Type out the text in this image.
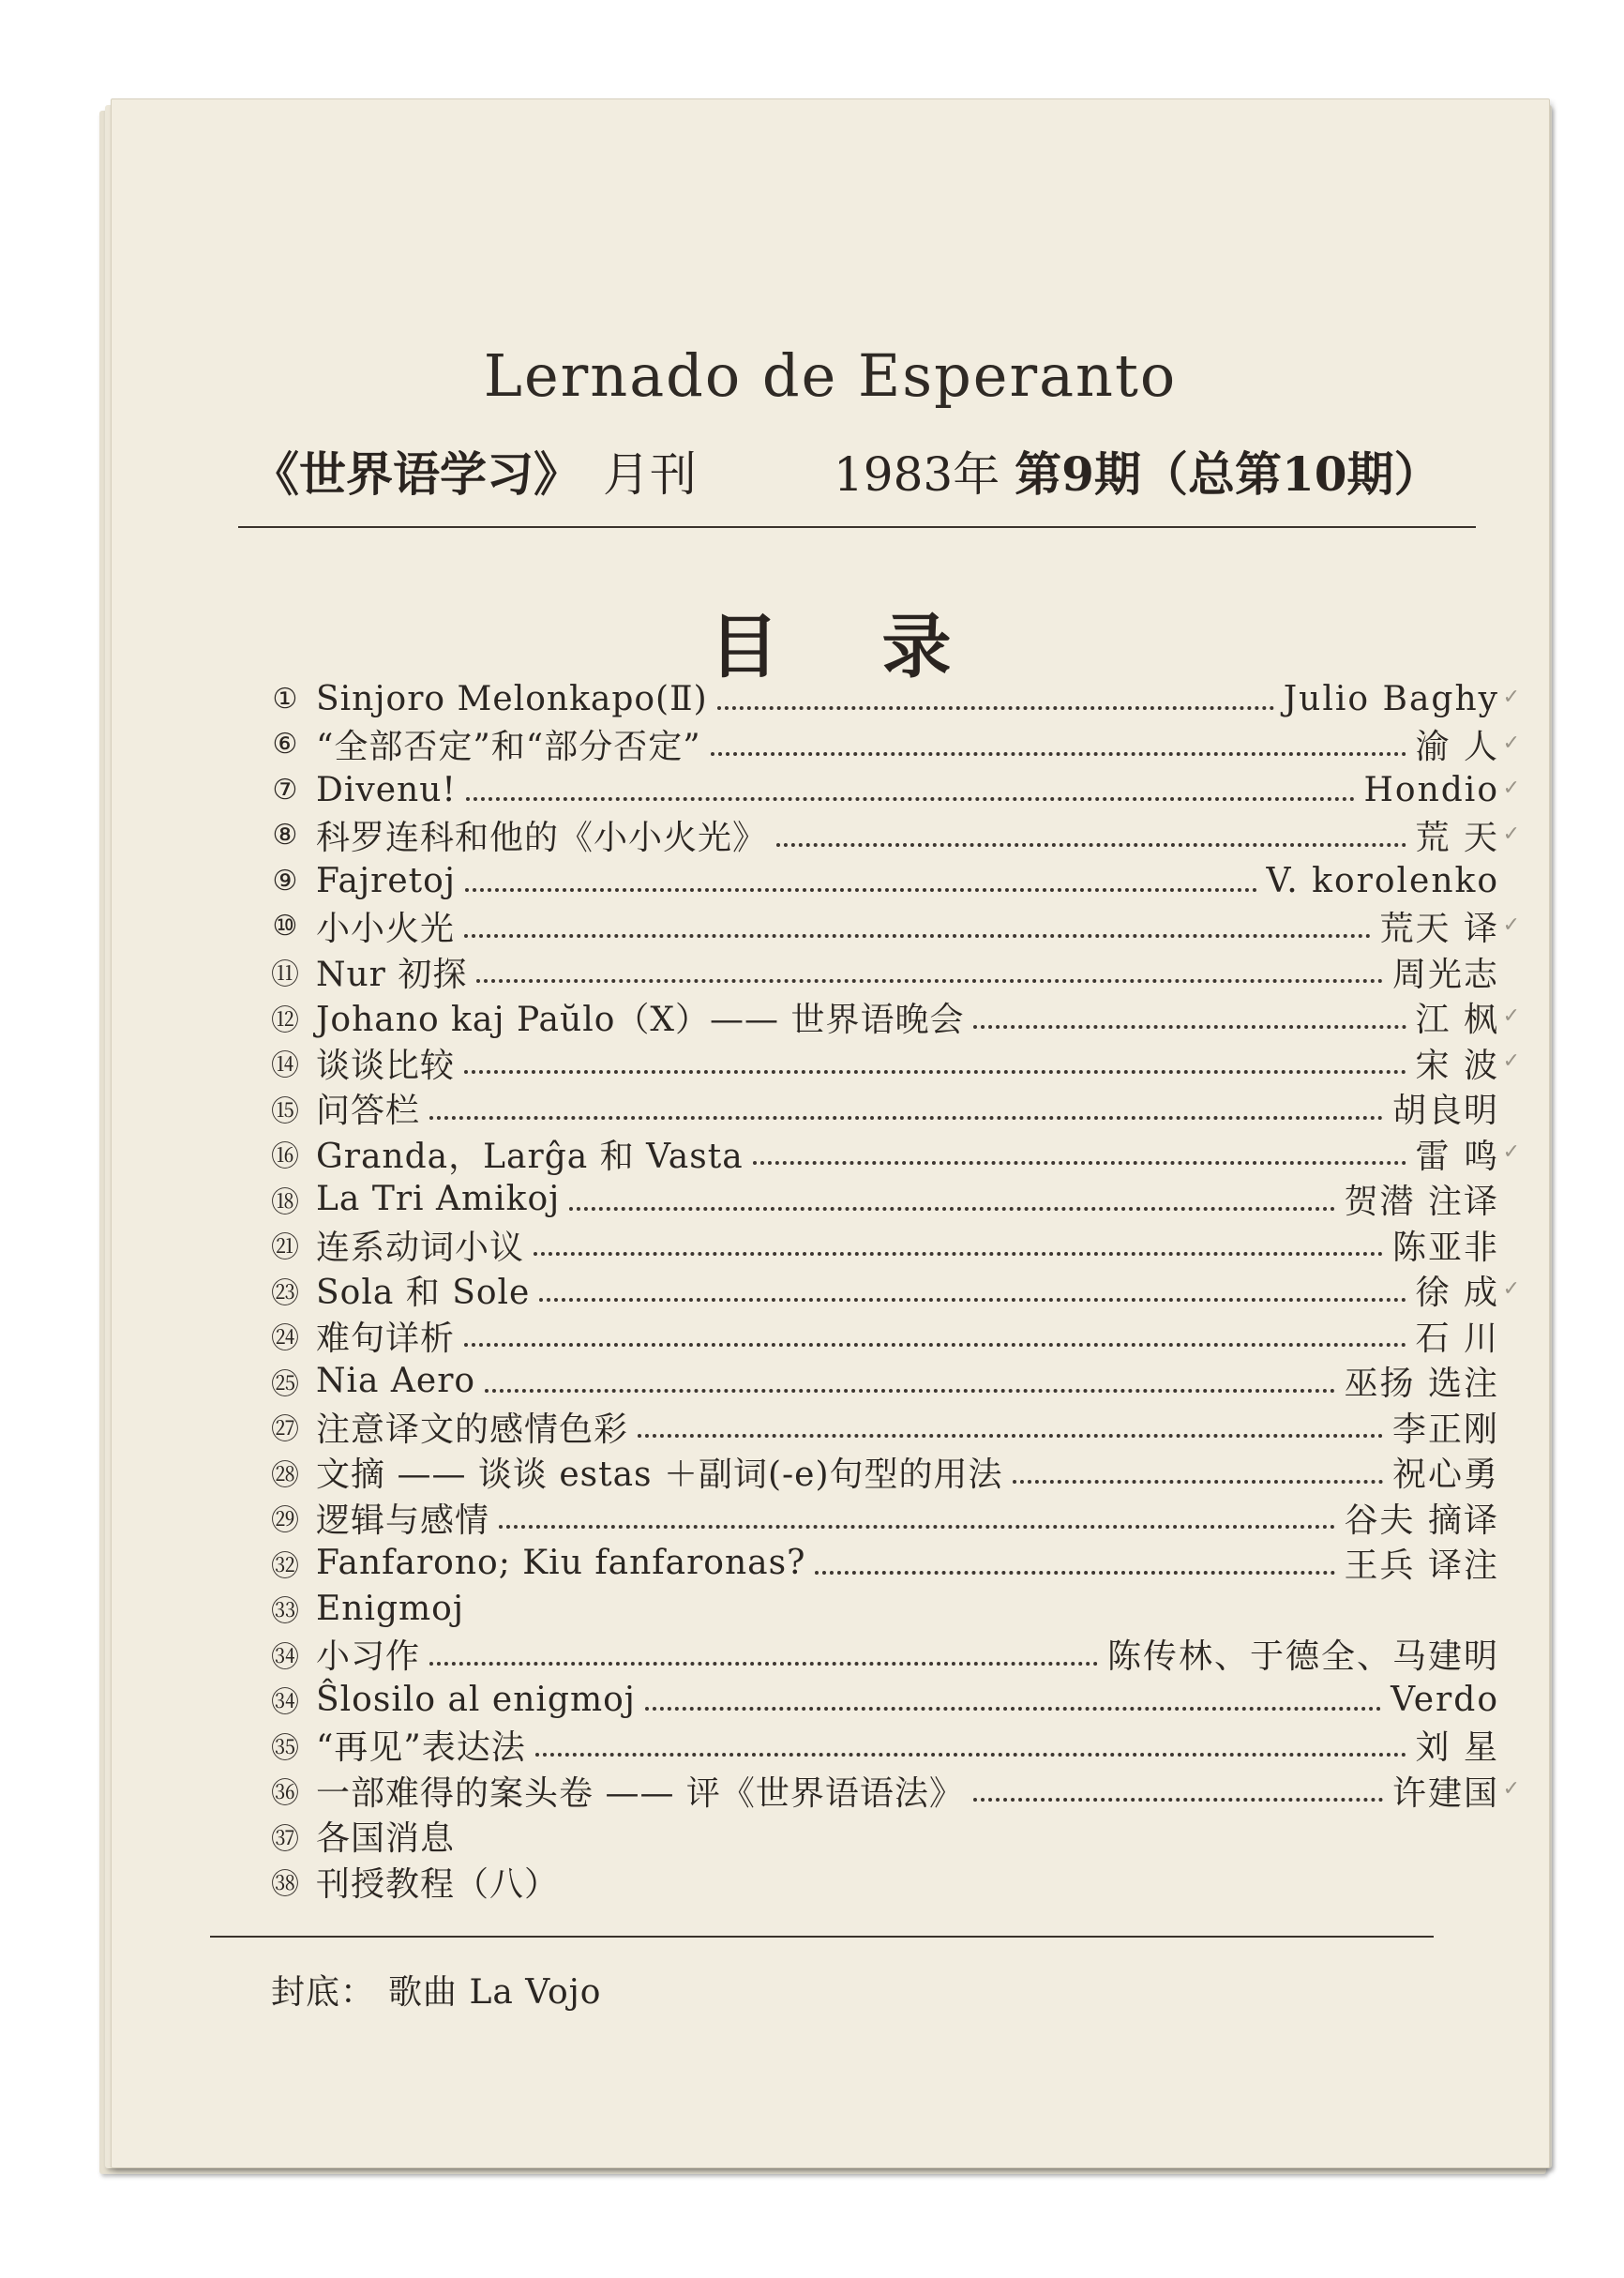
Lernado de Esperanto
《世界语学习》 月刊	1983年 第9期（总第10期）
目录
① Sinjoro Melonkapo(Ⅱ)	Julio Baghy ✓
⑥ “全部否定”和“部分否定”	渝 人 ✓
⑦ Divenu!	Hondio ✓
⑧ 科罗连科和他的《小小火光》	荒 天 ✓
⑨ Fajretoj	V. korolenko
⑩ 小小火光	荒天 译 ✓
⑪ Nur 初探	周光志
⑫ Johano kaj Paŭlo（X）—— 世界语晚会	江 枫 ✓
⑭ 谈谈比较	宋 波 ✓
⑮ 问答栏	胡良明
⑯ Granda，Larĝa 和 Vasta	雷 鸣 ✓
⑱ La Tri Amikoj	贺潜 注译
㉑ 连系动词小议	陈亚非
㉓ Sola 和 Sole	徐 成 ✓
㉔ 难句详析	石 川
㉕ Nia Aero	巫扬 选注
㉗ 注意译文的感情色彩	李正刚
㉘ 文摘 —— 谈谈 estas ＋副词(-e)句型的用法	祝心勇
㉙ 逻辑与感情	谷夫 摘译
㉜ Fanfarono; Kiu fanfaronas?	王兵 译注
㉝ Enigmoj
㉞ 小习作	陈传林、于德全、马建明
㉞ Ŝlosilo al enigmoj	Verdo
㉟ “再见”表达法	刘 星
㊱ 一部难得的案头卷 —— 评《世界语语法》	许建国 ✓
㊲ 各国消息
㊳ 刊授教程（八）
封底： 歌曲 La Vojo
